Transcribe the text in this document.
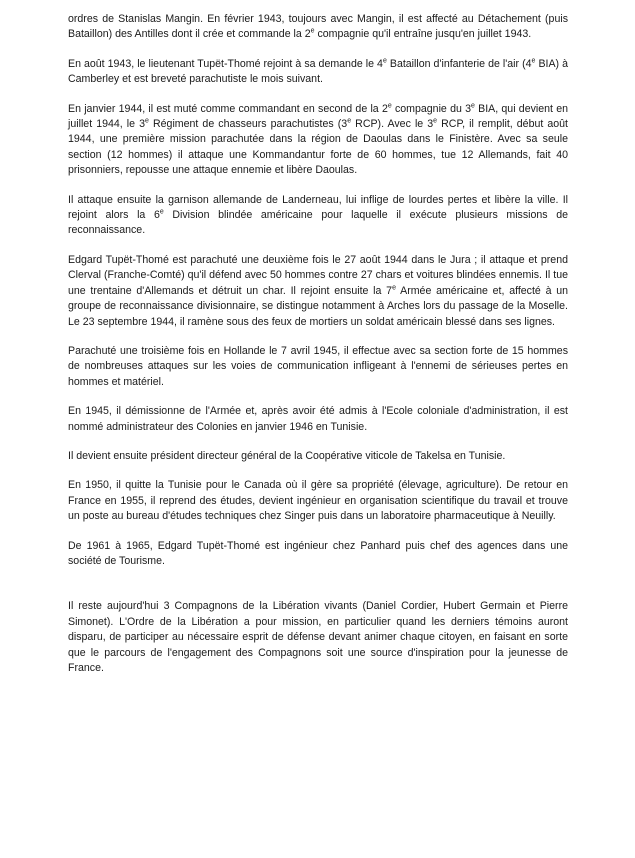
ordres de Stanislas Mangin. En février 1943, toujours avec Mangin, il est affecté au Détachement (puis Bataillon) des Antilles dont il crée et commande la 2e compagnie qu'il entraîne jusqu'en juillet 1943.

En août 1943, le lieutenant Tupët-Thomé rejoint à sa demande le 4e Bataillon d'infanterie de l'air (4e BIA) à Camberley et est breveté parachutiste le mois suivant.

En janvier 1944, il est muté comme commandant en second de la 2e compagnie du 3e BIA, qui devient en juillet 1944, le 3e Régiment de chasseurs parachutistes (3e RCP). Avec le 3e RCP, il remplit, début août 1944, une première mission parachutée dans la région de Daoulas dans le Finistère. Avec sa seule section (12 hommes) il attaque une Kommandantur forte de 60 hommes, tue 12 Allemands, fait 40 prisonniers, repousse une attaque ennemie et libère Daoulas.

Il attaque ensuite la garnison allemande de Landerneau, lui inflige de lourdes pertes et libère la ville. Il rejoint alors la 6e Division blindée américaine pour laquelle il exécute plusieurs missions de reconnaissance.

Edgard Tupët-Thomé est parachuté une deuxième fois le 27 août 1944 dans le Jura ; il attaque et prend Clerval (Franche-Comté) qu'il défend avec 50 hommes contre 27 chars et voitures blindées ennemis. Il tue une trentaine d'Allemands et détruit un char. Il rejoint ensuite la 7e Armée américaine et, affecté à un groupe de reconnaissance divisionnaire, se distingue notamment à Arches lors du passage de la Moselle. Le 23 septembre 1944, il ramène sous des feux de mortiers un soldat américain blessé dans ses lignes.

Parachuté une troisième fois en Hollande le 7 avril 1945, il effectue avec sa section forte de 15 hommes de nombreuses attaques sur les voies de communication infligeant à l'ennemi de sérieuses pertes en hommes et matériel.

En 1945, il démissionne de l'Armée et, après avoir été admis à l'Ecole coloniale d'administration, il est nommé administrateur des Colonies en janvier 1946 en Tunisie.

Il devient ensuite président directeur général de la Coopérative viticole de Takelsa en Tunisie.

En 1950, il quitte la Tunisie pour le Canada où il gère sa propriété (élevage, agriculture). De retour en France en 1955, il reprend des études, devient ingénieur en organisation scientifique du travail et trouve un poste au bureau d'études techniques chez Singer puis dans un laboratoire pharmaceutique à Neuilly.

De 1961 à 1965, Edgard Tupët-Thomé est ingénieur chez Panhard puis chef des agences dans une société de Tourisme.

Il reste aujourd'hui 3 Compagnons de la Libération vivants (Daniel Cordier, Hubert Germain et Pierre Simonet). L'Ordre de la Libération a pour mission, en particulier quand les derniers témoins auront disparu, de participer au nécessaire esprit de défense devant animer chaque citoyen, en faisant en sorte que le parcours de l'engagement des Compagnons soit une source d'inspiration pour la jeunesse de France.
